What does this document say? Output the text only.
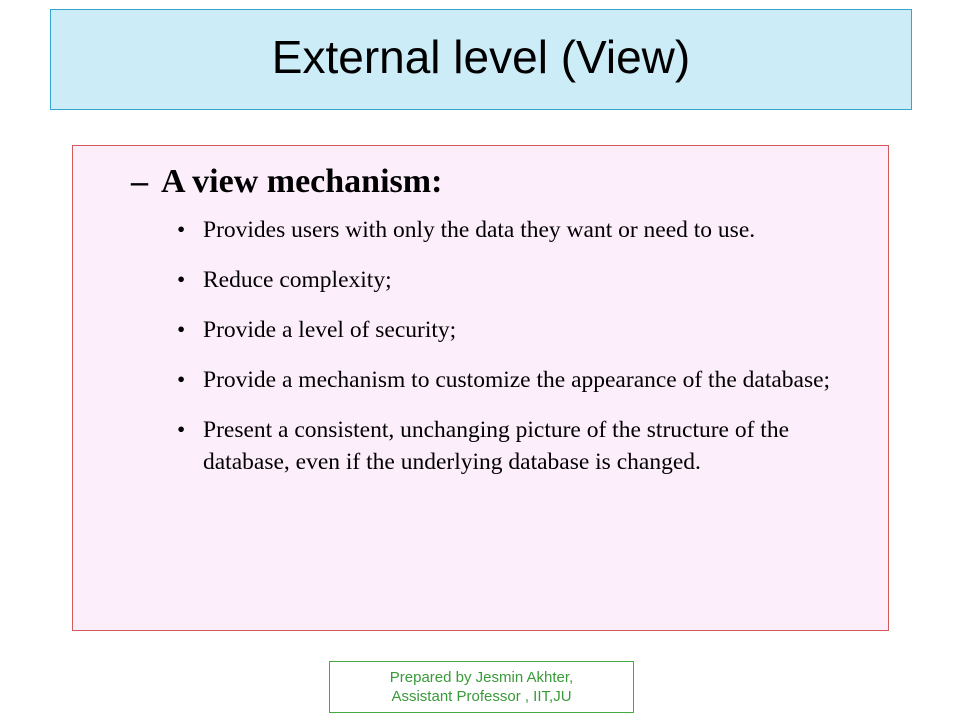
External level (View)
– A view mechanism:
• Provides users with only the data they want or need to use.
• Reduce complexity;
• Provide a level of security;
• Provide a mechanism to customize the appearance of the database;
• Present a consistent, unchanging picture of the structure of the database, even if the underlying database is changed.
Prepared by Jesmin Akhter,
Assistant Professor , IIT,JU
